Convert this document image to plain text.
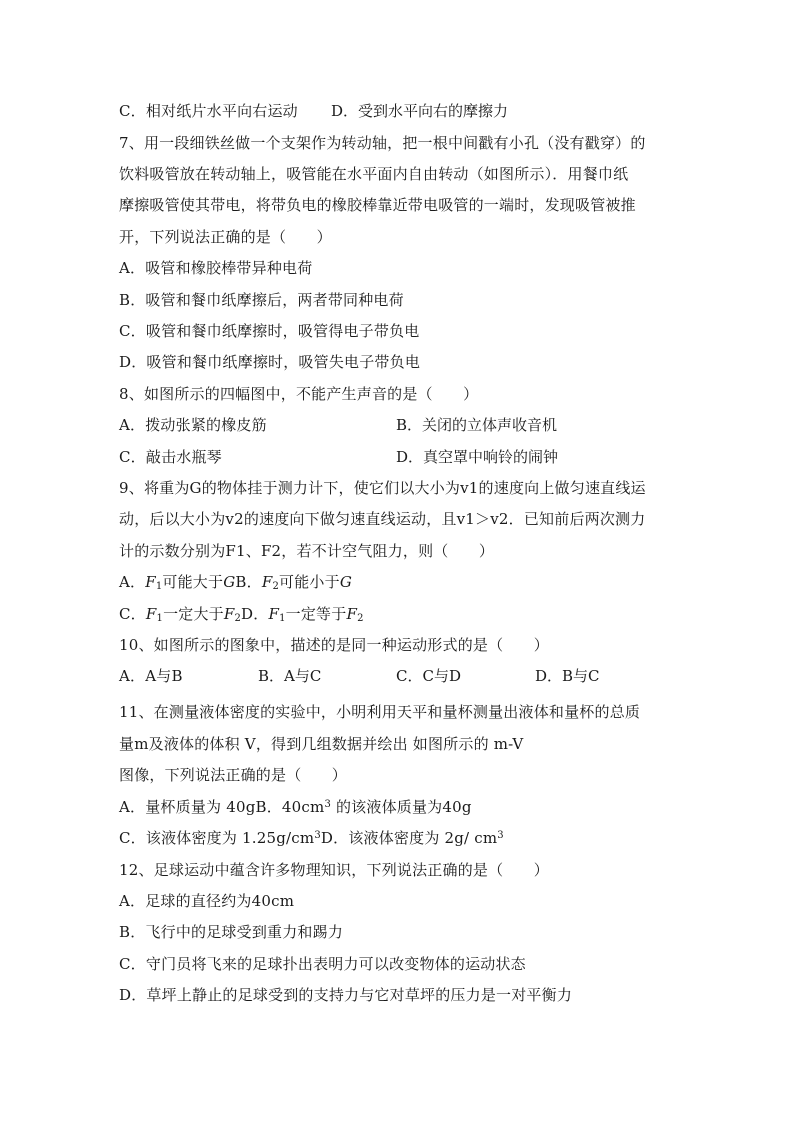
C．相对纸片水平向右运动 D．受到水平向右的摩擦力
7、用一段细铁丝做一个支架作为转动轴，把一根中间戳有小孔（没有戳穿）的
饮料吸管放在转动轴上，吸管能在水平面内自由转动（如图所示）．用餐巾纸
摩擦吸管使其带电，将带负电的橡胶棒靠近带电吸管的一端时，发现吸管被推
开，下列说法正确的是（　　）
A．吸管和橡胶棒带异种电荷
B．吸管和餐巾纸摩擦后，两者带同种电荷
C．吸管和餐巾纸摩擦时，吸管得电子带负电
D．吸管和餐巾纸摩擦时，吸管失电子带负电
8、如图所示的四幅图中，不能产生声音的是（　　）
A．拨动张紧的橡皮筋	B．关闭的立体声收音机
C．敲击水瓶琴	D．真空罩中响铃的闹钟
9、将重为G的物体挂于测力计下，使它们以大小为v1的速度向上做匀速直线运
动，后以大小为v2的速度向下做匀速直线运动，且v1＞v2．已知前后两次测力
计的示数分别为F1、F2，若不计空气阻力，则（　　）
A．$F_1$可能大于GB．$F_2$可能小于G
C．$F_1$一定大于$F_2D$．$F_1$一定等于$F_2$
10、如图所示的图象中，描述的是同一种运动形式的是（　　）
A．A与B	B．A与C	C．C与D	D．B与C
11、在测量液体密度的实验中，小明利用天平和量杯测量出液体和量杯的总质
量m及液体的体积 V，得到几组数据并绘出 如图所示的 m-V
图像，下列说法正确的是（　　）
A．量杯质量为 40gB．$40cm^3$ 的该液体质量为40g
C．该液体密度为 $1.25g/cm^3D$．该液体密度为 2g/ $cm^3$
12、足球运动中蕴含许多物理知识，下列说法正确的是（　　）
A．足球的直径约为40cm
B．飞行中的足球受到重力和踢力
C．守门员将飞来的足球扑出表明力可以改变物体的运动状态
D．草坪上静止的足球受到的支持力与它对草坪的压力是一对平衡力
